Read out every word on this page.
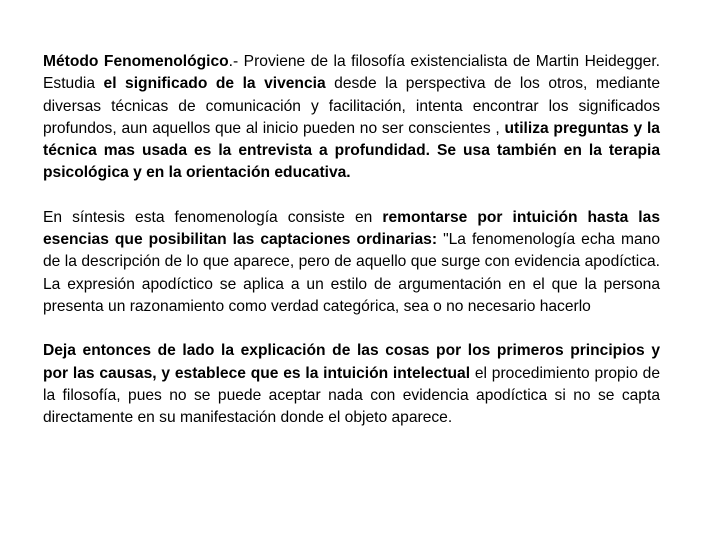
Método Fenomenológico.- Proviene de la filosofía existencialista de Martin Heidegger. Estudia el significado de la vivencia desde la perspectiva de los otros, mediante diversas técnicas de comunicación y facilitación, intenta encontrar los significados profundos, aun aquellos que al inicio pueden no ser conscientes , utiliza preguntas y la técnica mas usada es la entrevista a profundidad. Se usa también en la terapia psicológica y en la orientación educativa.

En síntesis esta fenomenología consiste en remontarse por intuición hasta las esencias que posibilitan las captaciones ordinarias: "La fenomenología echa mano de la descripción de lo que aparece, pero de aquello que surge con evidencia apodíctica. La expresión apodíctico se aplica a un estilo de argumentación en el que la persona presenta un razonamiento como verdad categórica, sea o no necesario hacerlo

Deja entonces de lado la explicación de las cosas por los primeros principios y por las causas, y establece que es la intuición intelectual el procedimiento propio de la filosofía, pues no se puede aceptar nada con evidencia apodíctica si no se capta directamente en su manifestación donde el objeto aparece.
